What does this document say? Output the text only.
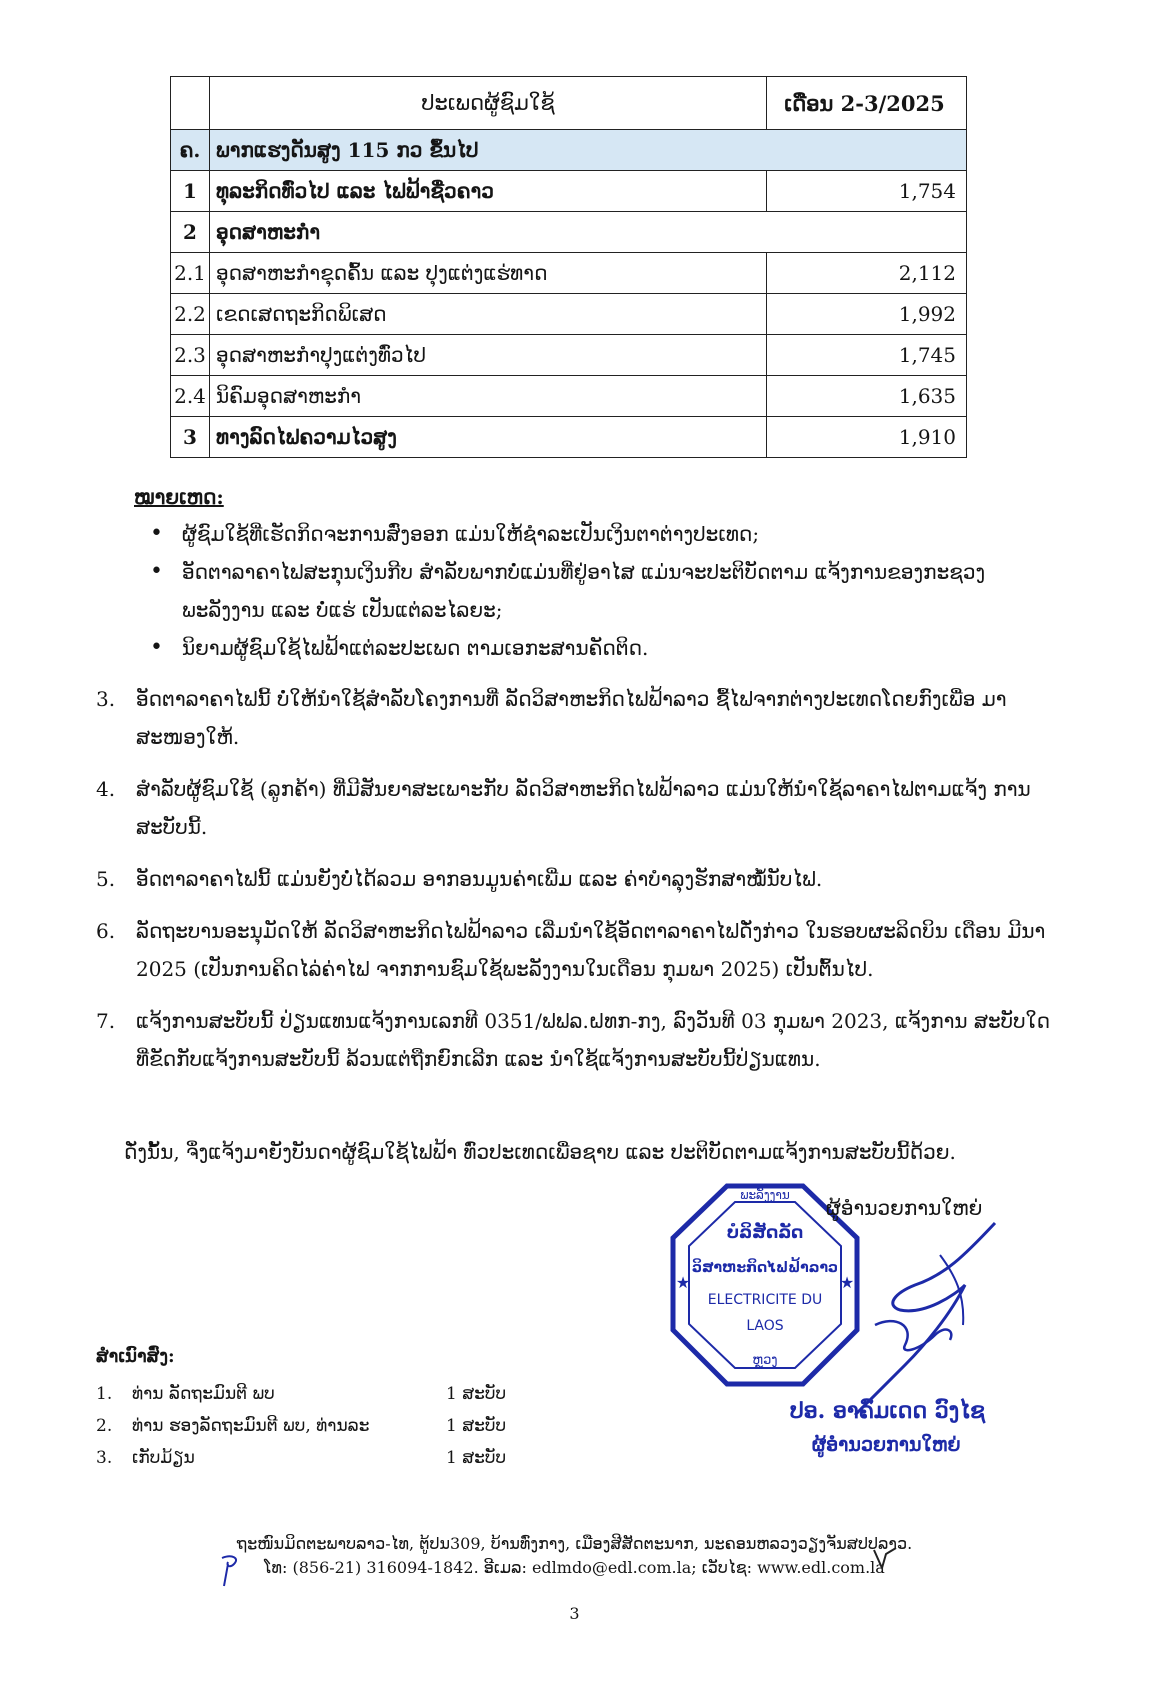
	ປະເພດຜູ້ຊົມໃຊ້	ເດືອນ 2-3/2025
ຄ.	ພາກແຮງດັນສູງ 115 ກວ ຂຶ້ນໄປ	
1	ທຸລະກິດທົ່ວໄປ ແລະ ໄຟຟ້າຊື່ວຄາວ	1,754
2	ອຸດສາຫະກຳ	
2.1	ອຸດສາຫະກຳຂຸດຄົ້ນ ແລະ ປຸງແຕ່ງແຮ່ທາດ	2,112
2.2	ເຂດເສດຖະກິດພິເສດ	1,992
2.3	ອຸດສາຫະກຳປຸງແຕ່ງທົ່ວໄປ	1,745
2.4	ນິຄົມອຸດສາຫະກຳ	1,635
3	ທາງລົດໄຟຄວາມໄວສູງ	1,910
ໝາຍເຫດ:
• ຜູ້ຊົມໃຊ້ທີ່ເຮັດກິດຈະການສົ່ງອອກ ແມ່ນໃຫ້ຊຳລະເປັນເງິນຕາຕ່າງປະເທດ;
• ອັດຕາລາຄາໄຟສະກຸນເງິນກີບ ສຳລັບພາກບໍ່ແມ່ນທີ່ຢູ່ອາໄສ ແມ່ນຈະປະຕິບັດຕາມ ແຈ້ງການຂອງກະຊວງ ພະລັງງານ ແລະ ບໍ່ແຮ່ ເປັນແຕ່ລະໄລຍະ;
• ນິຍາມຜູ້ຊົມໃຊ້ໄຟຟ້າແຕ່ລະປະເພດ ຕາມເອກະສານຄັດຕິດ.
3. ອັດຕາລາຄາໄຟນີ້ ບໍ່ໃຫ້ນຳໃຊ້ສຳລັບໂຄງການທີ່ ລັດວິສາຫະກິດໄຟຟ້າລາວ ຊື້ໄຟຈາກຕ່າງປະເທດໂດຍກົງເພື່ອ ມາສະໜອງໃຫ້.
4. ສຳລັບຜູ້ຊົມໃຊ້ (ລູກຄ້າ) ທີ່ມີສັນຍາສະເພາະກັບ ລັດວິສາຫະກິດໄຟຟ້າລາວ ແມ່ນໃຫ້ນຳໃຊ້ລາຄາໄຟຕາມແຈ້ງ ການສະບັບນີ້.
5. ອັດຕາລາຄາໄຟນີ້ ແມ່ນຍັງບໍ່ໄດ້ລວມ ອາກອນມູນຄ່າເພີ່ມ ແລະ ຄ່າບຳລຸງຮັກສາໝໍ້ນັບໄຟ.
6. ລັດຖະບານອະນຸມັດໃຫ້ ລັດວິສາຫະກິດໄຟຟ້າລາວ ເລີ່ມນຳໃຊ້ອັດຕາລາຄາໄຟດັ່ງກ່າວ ໃນຮອບຜະລິດບິນ ເດືອນ ມີນາ 2025 (ເປັນການຄິດໄລ່ຄ່າໄຟ ຈາກການຊົມໃຊ້ພະລັງງານໃນເດືອນ ກຸມພາ 2025) ເປັນຕົ້ນໄປ.
7. ແຈ້ງການສະບັບນີ້ ປ່ຽນແທນແຈ້ງການເລກທີ 0351/ຟຟລ.ຝທກ-ກງ, ລົງວັນທີ 03 ກຸມພາ 2023, ແຈ້ງການ ສະບັບໃດ ທີ່ຂັດກັບແຈ້ງການສະບັບນີ້ ລ້ວນແຕ່ຖືກຍົກເລີກ ແລະ ນຳໃຊ້ແຈ້ງການສະບັບນີ້ປ່ຽນແທນ.
ດັ່ງນັ້ນ, ຈຶ່ງແຈ້ງມາຍັງບັນດາຜູ້ຊົມໃຊ້ໄຟຟ້າ ທົ່ວປະເທດເພື່ອຊາບ ແລະ ປະຕິບັດຕາມແຈ້ງການສະບັບນີ້ດ້ວຍ.
ພະລັງງານ
ບໍລິສັດລັດ
ວິສາຫະກິດໄຟຟ້າລາວ
ELECTRICITE DU
LAOS
ຫຼວງ
★	★
ຜູ້ອຳນວຍການໃຫຍ່
ປອ. ອາຄົມເດດ ວົງໄຊ
ຜູ້ອຳນວຍການໃຫຍ່
ສຳເນົາສົ່ງ:
1. ທ່ານ ລັດຖະມົນຕີ ພບ	1 ສະບັບ
2. ທ່ານ ຮອງລັດຖະມົນຕີ ພບ, ທ່ານລະ	1 ສະບັບ
3. ເກັບມ້ຽນ	1 ສະບັບ
ຖະໜົນມິດຕະພາບລາວ-ໄທ, ຕູ້ປນ309, ບ້ານທົ່ງກາງ, ເມືອງສີສັດຕະນາກ, ນະຄອນຫລວງວຽງຈັນສປປລາວ.
ໂທ: (856-21) 316094-1842. ອີເມລ: edlmdo@edl.com.la; ເວັບໄຊ: www.edl.com.la
3
